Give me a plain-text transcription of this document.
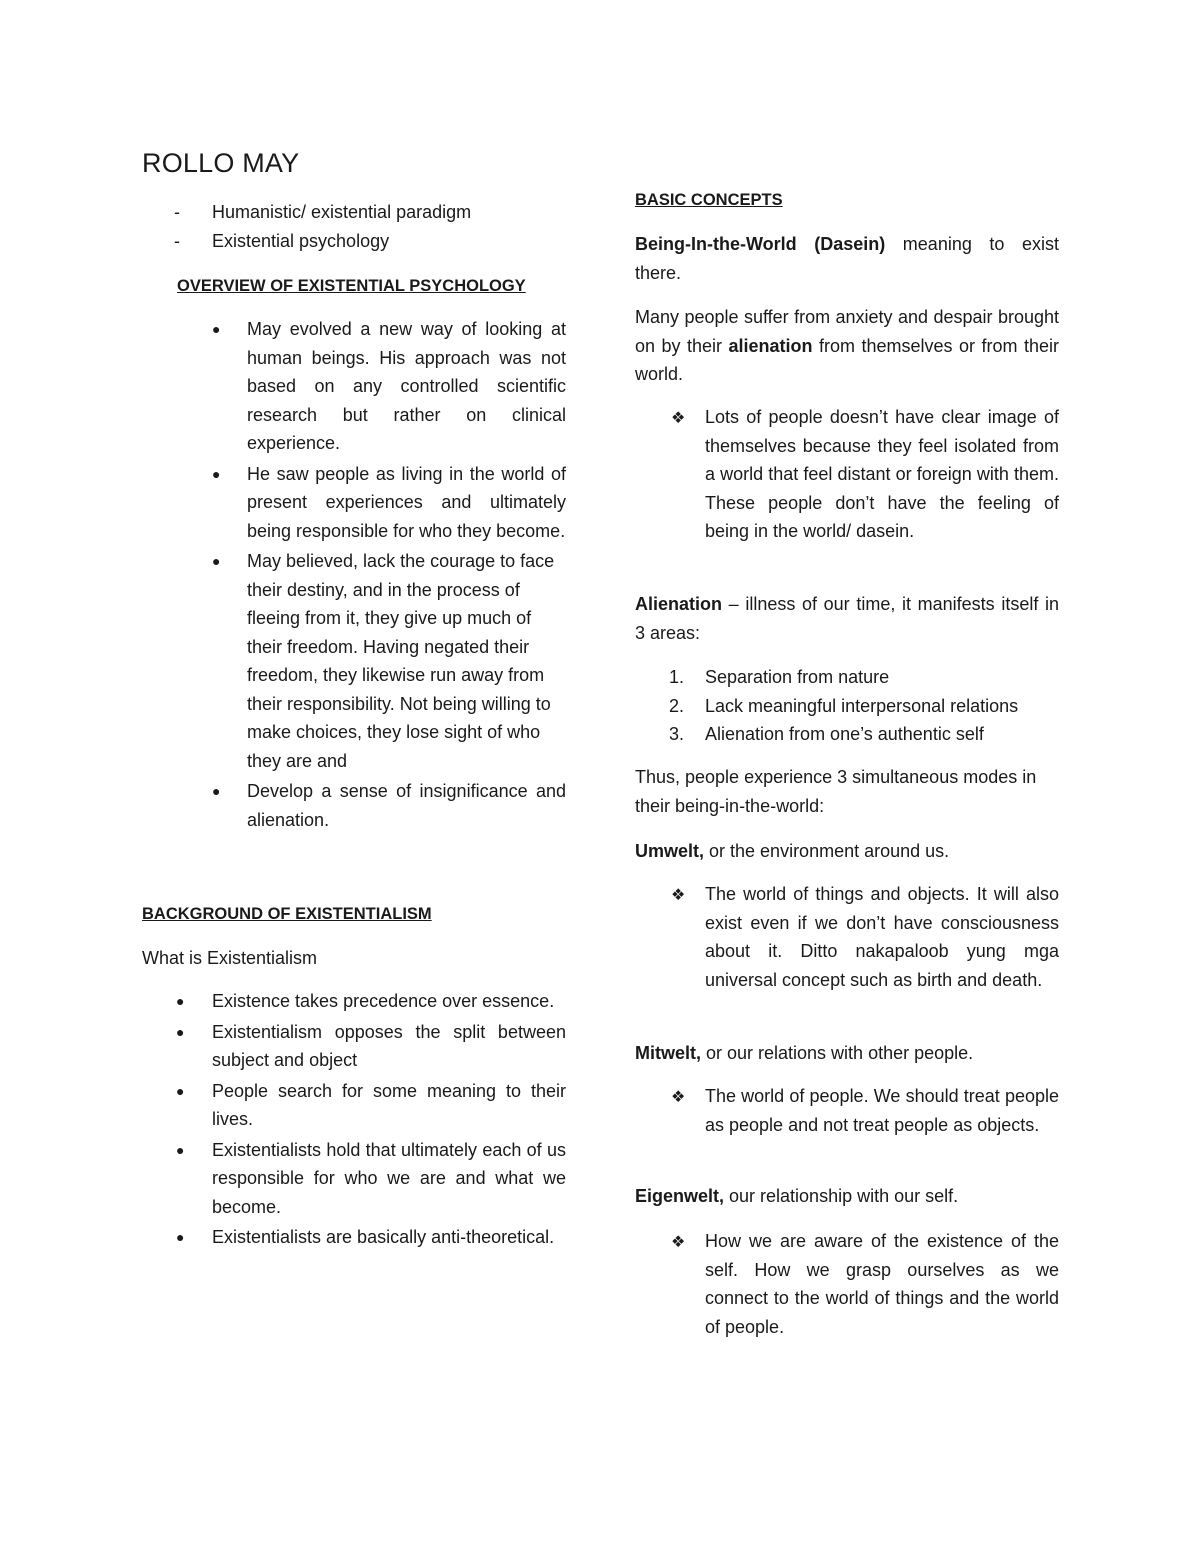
ROLLO MAY
- Humanistic/ existential paradigm
- Existential psychology
OVERVIEW OF EXISTENTIAL PSYCHOLOGY
● May evolved a new way of looking at human beings. His approach was not based on any controlled scientific research but rather on clinical experience.

● He saw people as living in the world of present experiences and ultimately being responsible for who they become.

● May believed, lack the courage to face their destiny, and in the process of fleeing from it, they give up much of their freedom. Having negated their freedom, they likewise run away from their responsibility. Not being willing to make choices, they lose sight of who they are and

● Develop a sense of insignificance and alienation.

BACKGROUND OF EXISTENTIALISM

What is Existentialism

● Existence takes precedence over essence.

● Existentialism opposes the split between subject and object

● People search for some meaning to their lives.

● Existentialists hold that ultimately each of us responsible for who we are and what we become.

● Existentialists are basically anti-theoretical.

BASIC CONCEPTS

Being-In-the-World (Dasein) meaning to exist there.

Many people suffer from anxiety and despair brought on by their alienation from themselves or from their world.

❖ Lots of people doesn’t have clear image of themselves because they feel isolated from a world that feel distant or foreign with them. These people don’t have the feeling of being in the world/ dasein.

Alienation – illness of our time, it manifests itself in 3 areas:

1. Separation from nature
2. Lack meaningful interpersonal relations
3. Alienation from one’s authentic self

Thus, people experience 3 simultaneous modes in their being-in-the-world:

Umwelt, or the environment around us.

❖ The world of things and objects. It will also exist even if we don’t have consciousness about it. Ditto nakapaloob yung mga universal concept such as birth and death.

Mitwelt, or our relations with other people.

❖ The world of people. We should treat people as people and not treat people as objects.

Eigenwelt, our relationship with our self.

❖ How we are aware of the existence of the self. How we grasp ourselves as we connect to the world of things and the world of people.
